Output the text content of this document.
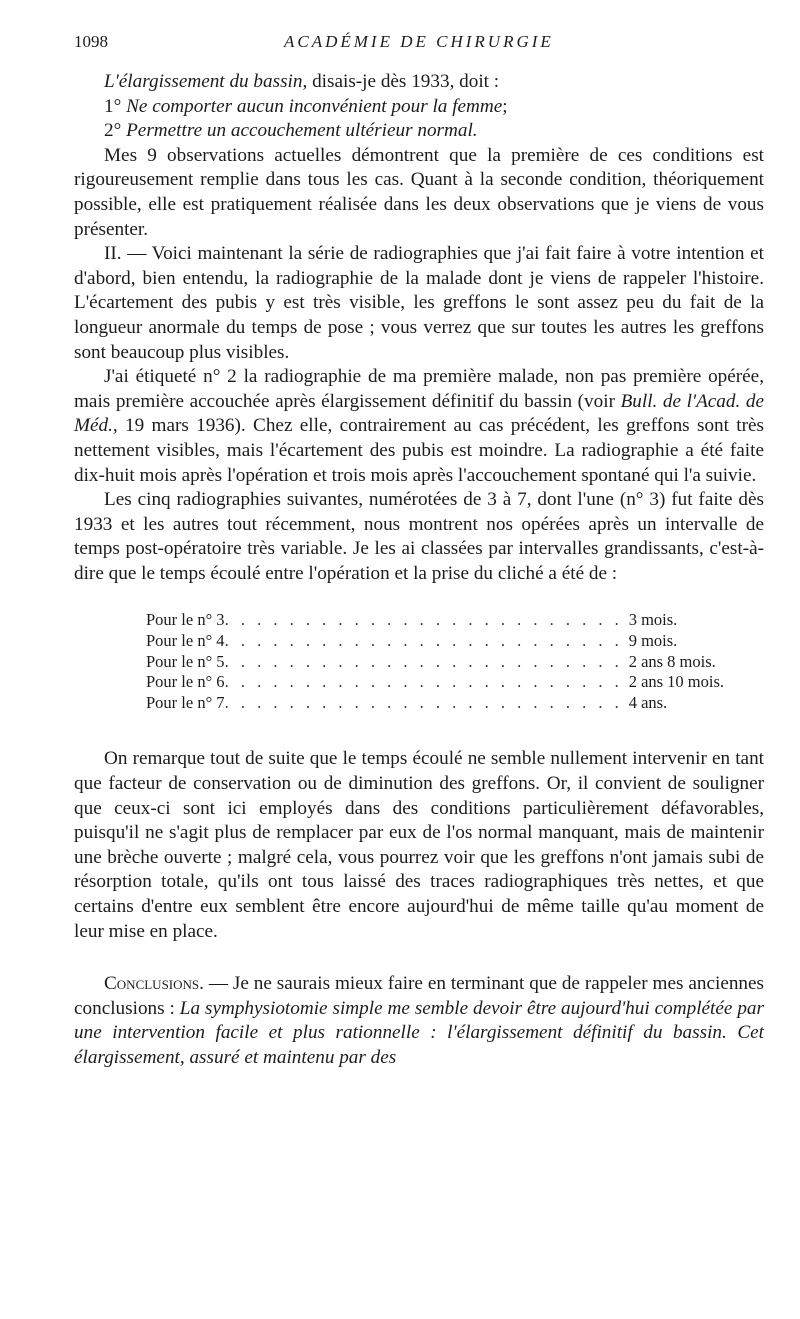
1098	ACADÉMIE DE CHIRURGIE

L'élargissement du bassin, disais-je dès 1933, doit :

1° Ne comporter aucun inconvénient pour la femme;

2° Permettre un accouchement ultérieur normal.

Mes 9 observations actuelles démontrent que la première de ces conditions est rigoureusement remplie dans tous les cas. Quant à la seconde condition, théoriquement possible, elle est pratiquement réalisée dans les deux observations que je viens de vous présenter.

II. — Voici maintenant la série de radiographies que j'ai fait faire à votre intention et d'abord, bien entendu, la radiographie de la malade dont je viens de rappeler l'histoire. L'écartement des pubis y est très visible, les greffons le sont assez peu du fait de la longueur anormale du temps de pose ; vous verrez que sur toutes les autres les greffons sont beaucoup plus visibles.

J'ai étiqueté n° 2 la radiographie de ma première malade, non pas première opérée, mais première accouchée après élargissement définitif du bassin (voir Bull. de l'Acad. de Méd., 19 mars 1936). Chez elle, contrairement au cas précédent, les greffons sont très nettement visibles, mais l'écartement des pubis est moindre. La radiographie a été faite dix-huit mois après l'opération et trois mois après l'accouchement spontané qui l'a suivie.

Les cinq radiographies suivantes, numérotées de 3 à 7, dont l'une (n° 3) fut faite dès 1933 et les autres tout récemment, nous montrent nos opérées après un intervalle de temps post-opératoire très variable. Je les ai classées par intervalles grandissants, c'est-à-dire que le temps écoulé entre l'opération et la prise du cliché a été de :

Pour le n° 3 . . . . . . . . . . . . . . . . . . . . . . . . . 3 mois.
Pour le n° 4 . . . . . . . . . . . . . . . . . . . . . . . . . 9 mois.
Pour le n° 5 . . . . . . . . . . . . . . . . . . . . . . . . . 2 ans 8 mois.
Pour le n° 6 . . . . . . . . . . . . . . . . . . . . . . . . . 2 ans 10 mois.
Pour le n° 7 . . . . . . . . . . . . . . . . . . . . . . . . . 4 ans.

On remarque tout de suite que le temps écoulé ne semble nullement intervenir en tant que facteur de conservation ou de diminution des greffons. Or, il convient de souligner que ceux-ci sont ici employés dans des conditions particulièrement défavorables, puisqu'il ne s'agit plus de remplacer par eux de l'os normal manquant, mais de maintenir une brèche ouverte ; malgré cela, vous pourrez voir que les greffons n'ont jamais subi de résorption totale, qu'ils ont tous laissé des traces radiographiques très nettes, et que certains d'entre eux semblent être encore aujourd'hui de même taille qu'au moment de leur mise en place.

Conclusions. — Je ne saurais mieux faire en terminant que de rappeler mes anciennes conclusions : La symphysiotomie simple me semble devoir être aujourd'hui complétée par une intervention facile et plus rationnelle : l'élargissement définitif du bassin. Cet élargissement, assuré et maintenu par des
